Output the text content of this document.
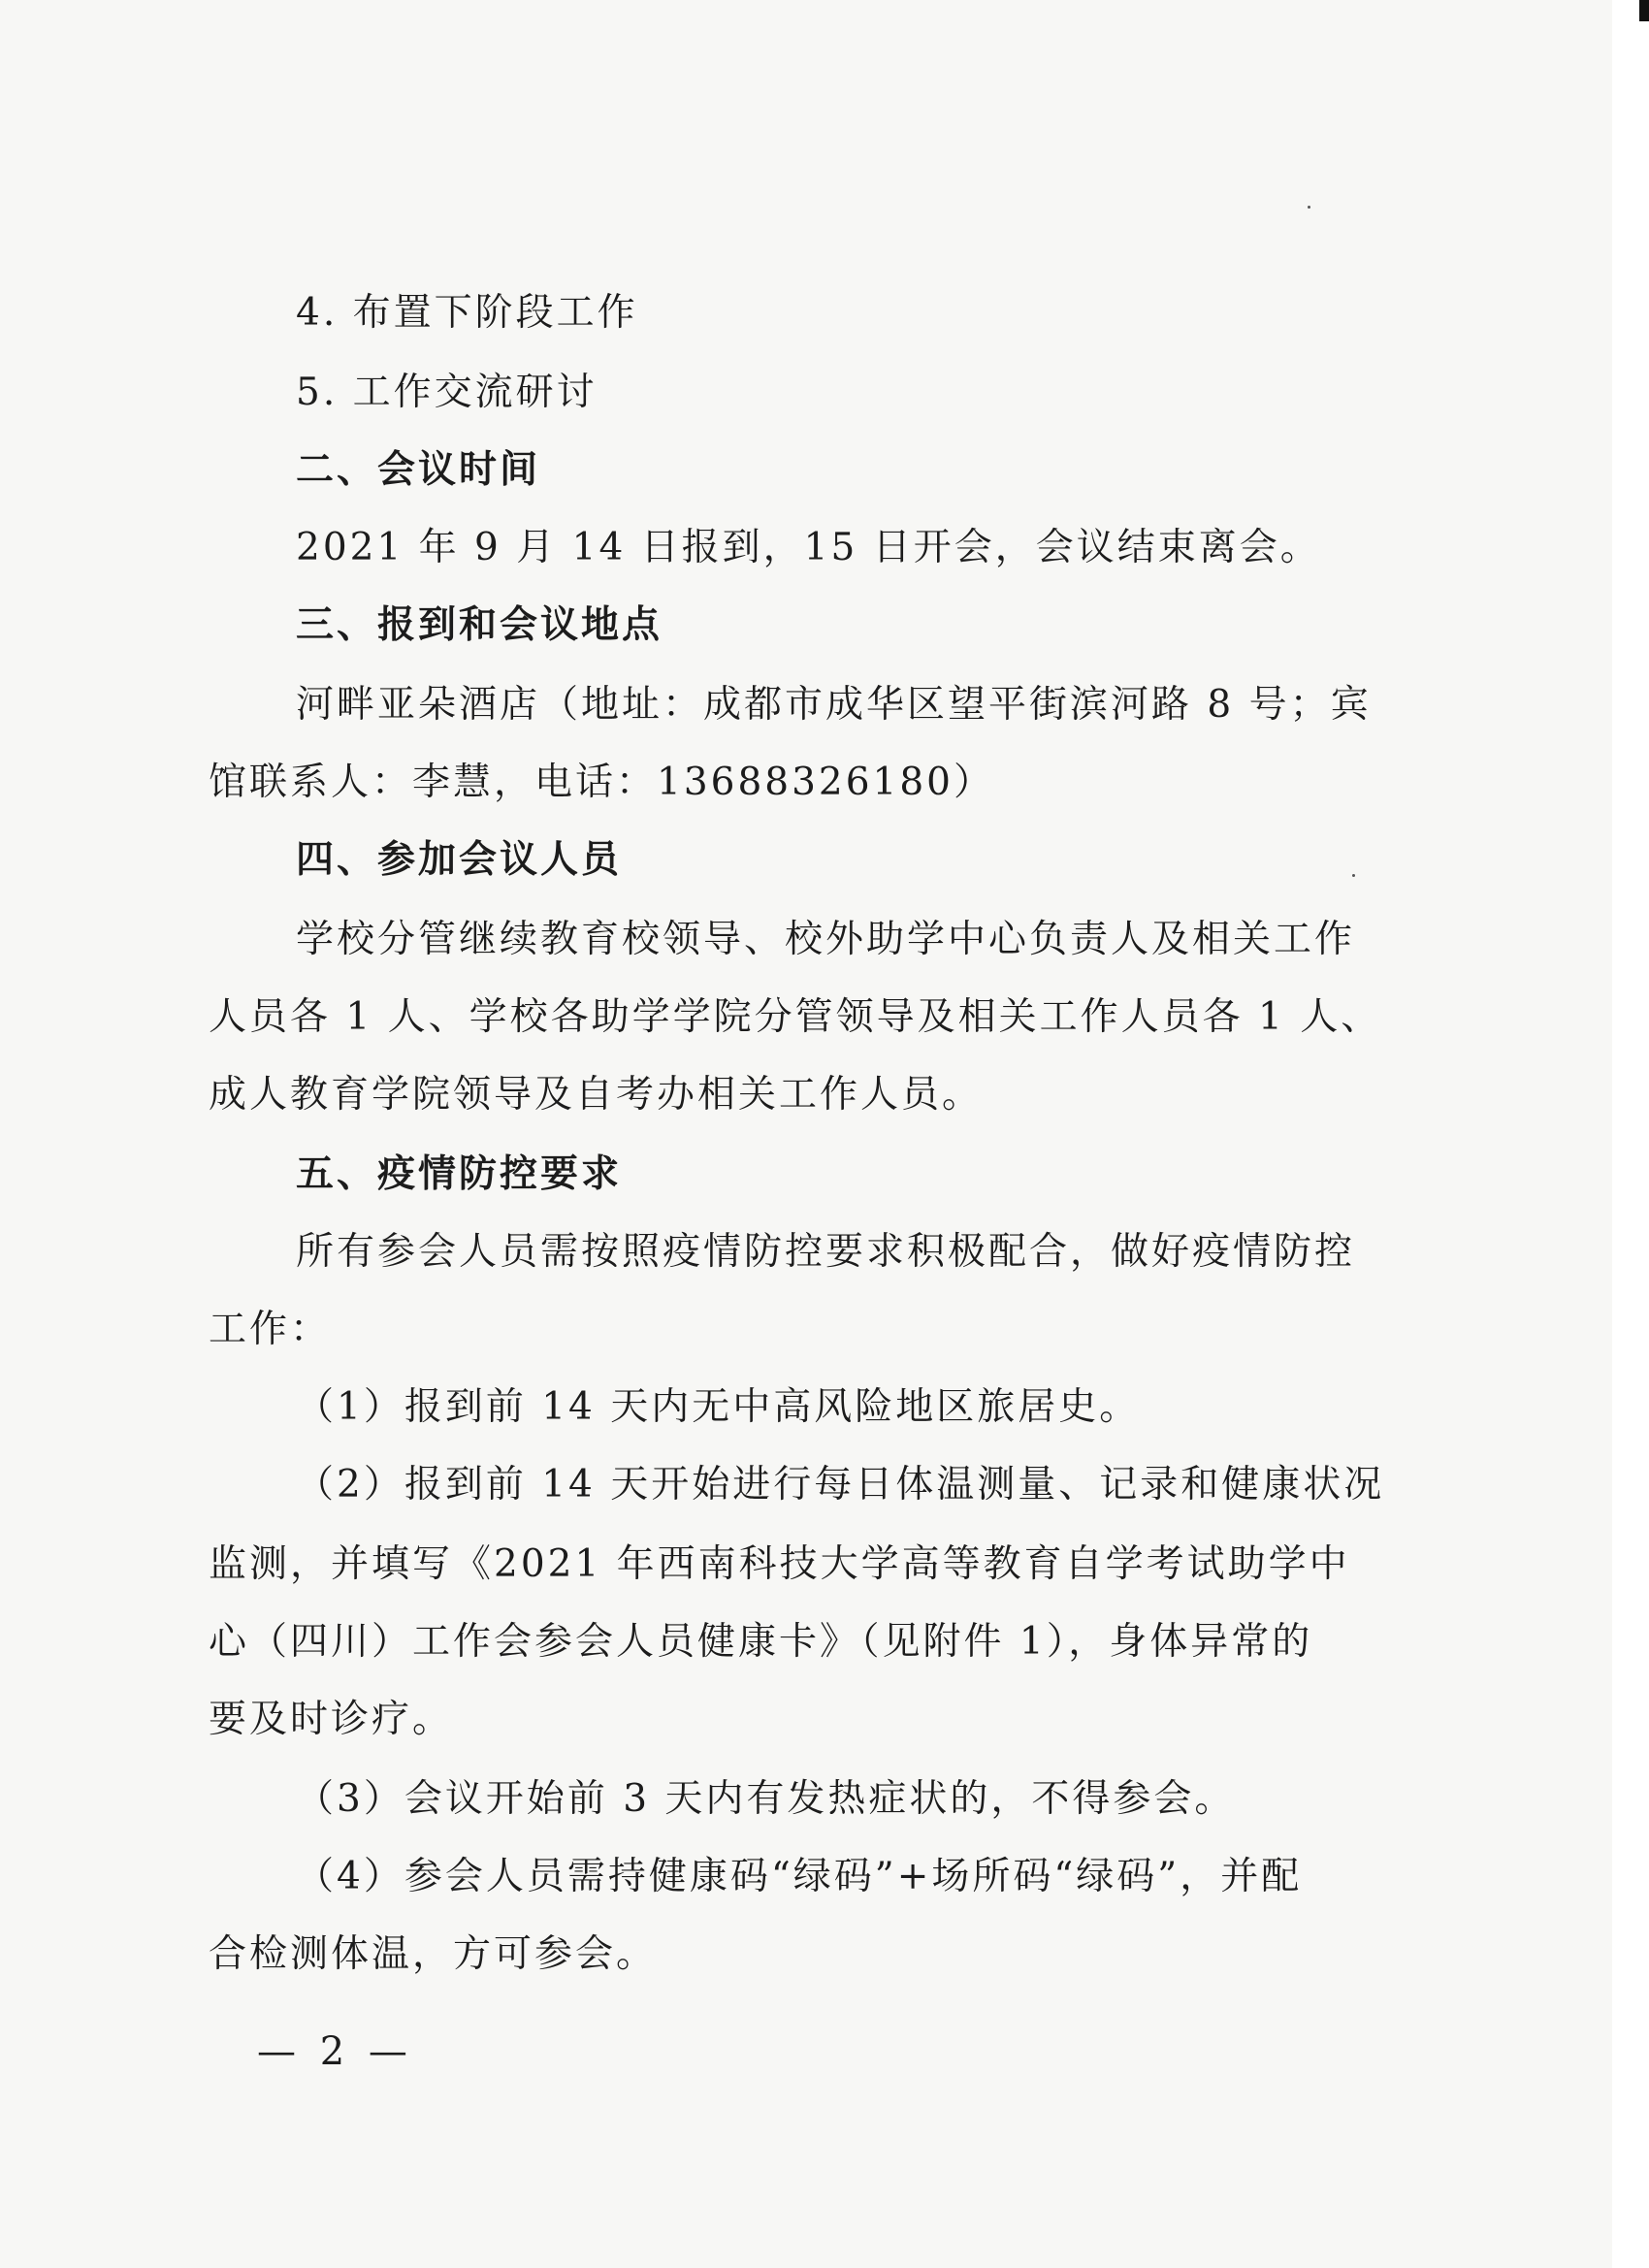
4. 布置下阶段工作
5. 工作交流研讨
二、会议时间
2021 年 9 月 14 日报到，15 日开会，会议结束离会。
三、报到和会议地点
河畔亚朵酒店（地址：成都市成华区望平街滨河路 8 号；宾
馆联系人：李慧，电话：13688326180）
四、参加会议人员
学校分管继续教育校领导、校外助学中心负责人及相关工作
人员各 1 人、学校各助学学院分管领导及相关工作人员各 1 人、
成人教育学院领导及自考办相关工作人员。
五、疫情防控要求
所有参会人员需按照疫情防控要求积极配合，做好疫情防控
工作：
（1）报到前 14 天内无中高风险地区旅居史。
（2）报到前 14 天开始进行每日体温测量、记录和健康状况
监测，并填写《2021 年西南科技大学高等教育自学考试助学中
心（四川）工作会参会人员健康卡》（见附件 1），身体异常的
要及时诊疗。
（3）会议开始前 3 天内有发热症状的，不得参会。
（4）参会人员需持健康码“绿码”+场所码“绿码”，并配
合检测体温，方可参会。
— 2 —
